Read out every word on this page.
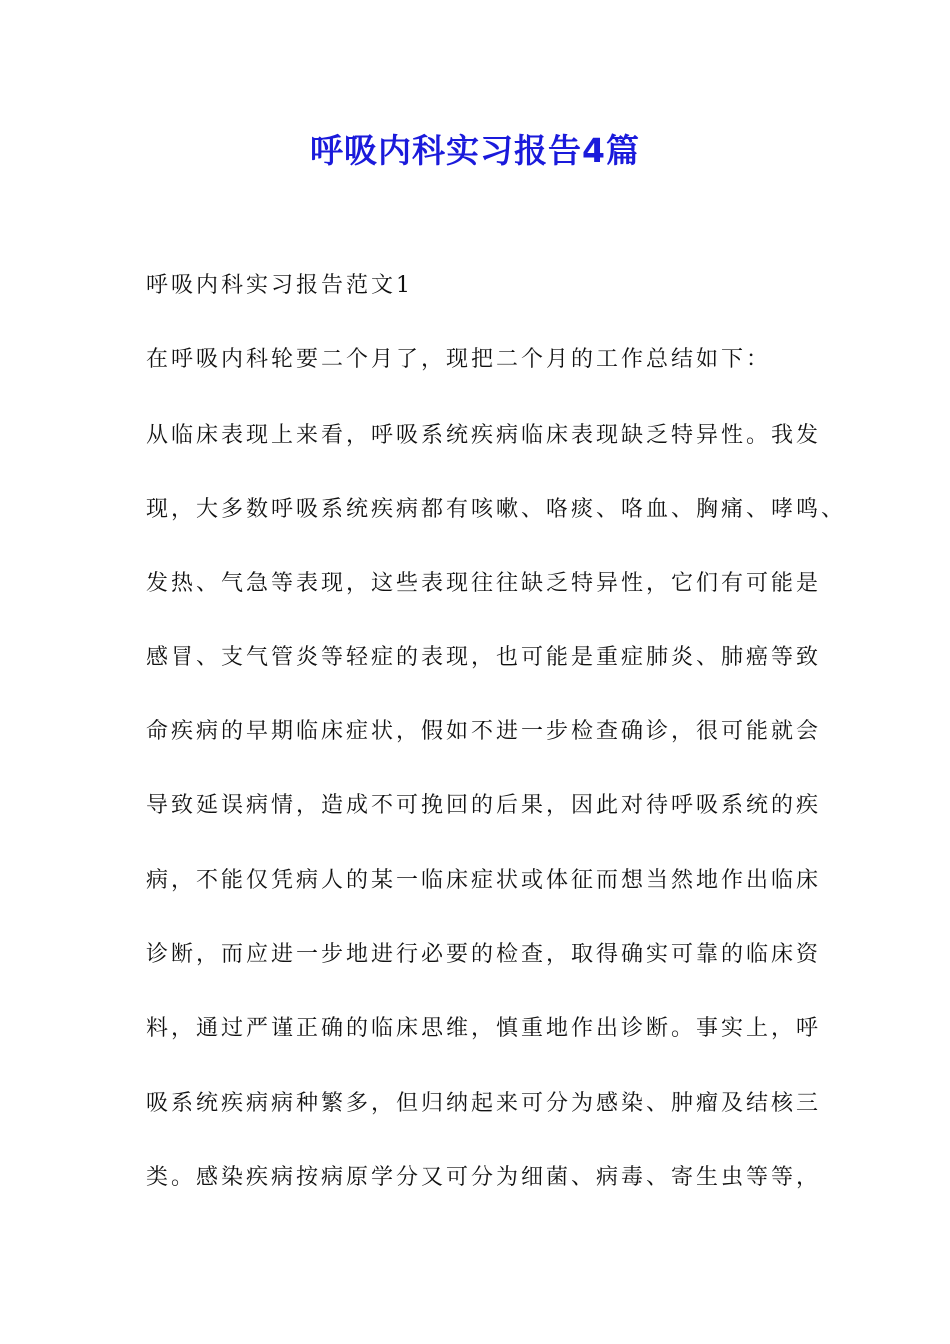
呼吸内科实习报告4篇
呼吸内科实习报告范文1
在呼吸内科轮要二个月了，现把二个月的工作总结如下：
从临床表现上来看，呼吸系统疾病临床表现缺乏特异性。我发
现，大多数呼吸系统疾病都有咳嗽、咯痰、咯血、胸痛、哮鸣、
发热、气急等表现，这些表现往往缺乏特异性，它们有可能是
感冒、支气管炎等轻症的表现，也可能是重症肺炎、肺癌等致
命疾病的早期临床症状，假如不进一步检查确诊，很可能就会
导致延误病情，造成不可挽回的后果，因此对待呼吸系统的疾
病，不能仅凭病人的某一临床症状或体征而想当然地作出临床
诊断，而应进一步地进行必要的检查，取得确实可靠的临床资
料，通过严谨正确的临床思维，慎重地作出诊断。事实上，呼
吸系统疾病病种繁多，但归纳起来可分为感染、肿瘤及结核三
类。感染疾病按病原学分又可分为细菌、病毒、寄生虫等等，
